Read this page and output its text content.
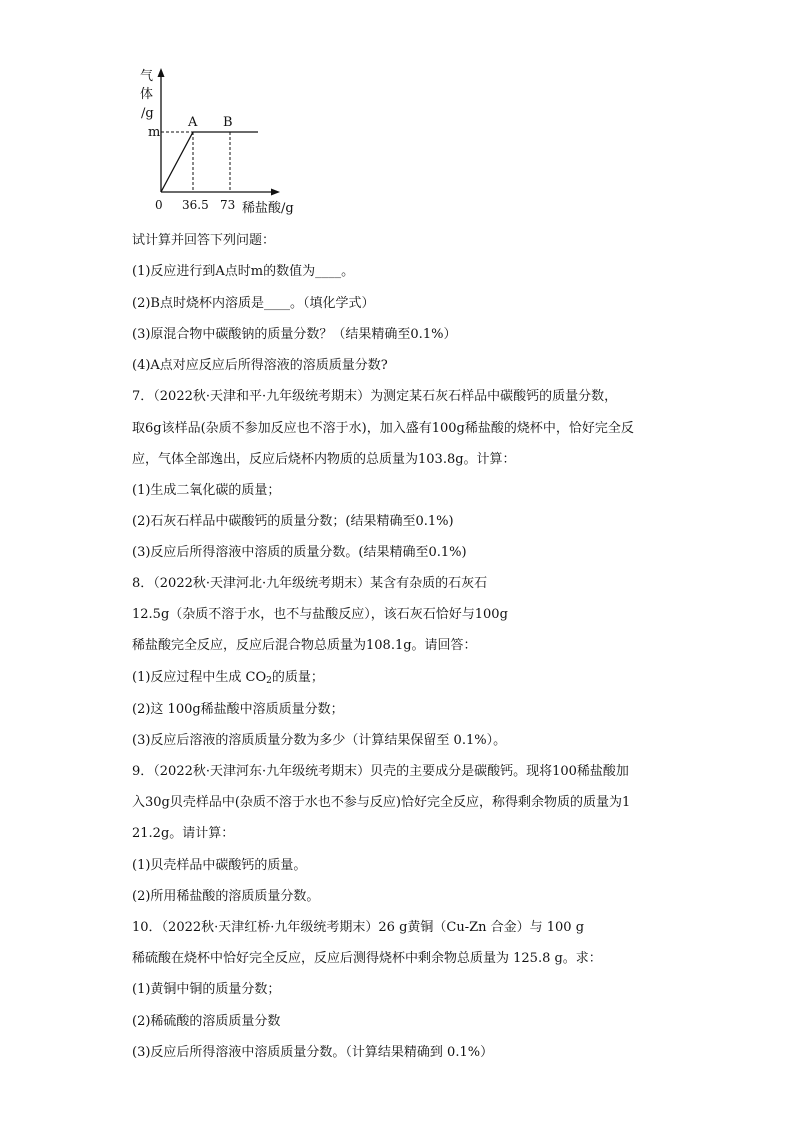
气
体
/g
m
A B
0 36.5 73 稀盐酸/g
试计算并回答下列问题：
(1)反应进行到A点时m的数值为____。
(2)B点时烧杯内溶质是____。（填化学式）
(3)原混合物中碳酸钠的质量分数？（结果精确至0.1%）
(4)A点对应反应后所得溶液的溶质质量分数?
7．（2022秋·天津和平·九年级统考期末）为测定某石灰石样品中碳酸钙的质量分数，
取6g该样品(杂质不参加反应也不溶于水)，加入盛有100g稀盐酸的烧杯中，恰好完全反
应，气体全部逸出，反应后烧杯内物质的总质量为103.8g。计算：
(1)生成二氧化碳的质量；
(2)石灰石样品中碳酸钙的质量分数；(结果精确至0.1%)
(3)反应后所得溶液中溶质的质量分数。(结果精确至0.1%)
8．（2022秋·天津河北·九年级统考期末）某含有杂质的石灰石
12.5g（杂质不溶于水，也不与盐酸反应），该石灰石恰好与100g
稀盐酸完全反应，反应后混合物总质量为108.1g。请回答：
(1)反应过程中生成 $CO_2$的质量；
(2)这 100g稀盐酸中溶质质量分数；
(3)反应后溶液的溶质质量分数为多少（计算结果保留至 0.1%）。
9．（2022秋·天津河东·九年级统考期末）贝壳的主要成分是碳酸钙。现将100稀盐酸加
入30g贝壳样品中(杂质不溶于水也不参与反应)恰好完全反应，称得剩余物质的质量为1
21.2g。请计算：
(1)贝壳样品中碳酸钙的质量。
(2)所用稀盐酸的溶质质量分数。
10．（2022秋·天津红桥·九年级统考期末）26 g黄铜（Cu-Zn 合金）与 100 g
稀硫酸在烧杯中恰好完全反应，反应后测得烧杯中剩余物总质量为 125.8 g。求：
(1)黄铜中铜的质量分数；
(2)稀硫酸的溶质质量分数
(3)反应后所得溶液中溶质质量分数。（计算结果精确到 0.1%）
